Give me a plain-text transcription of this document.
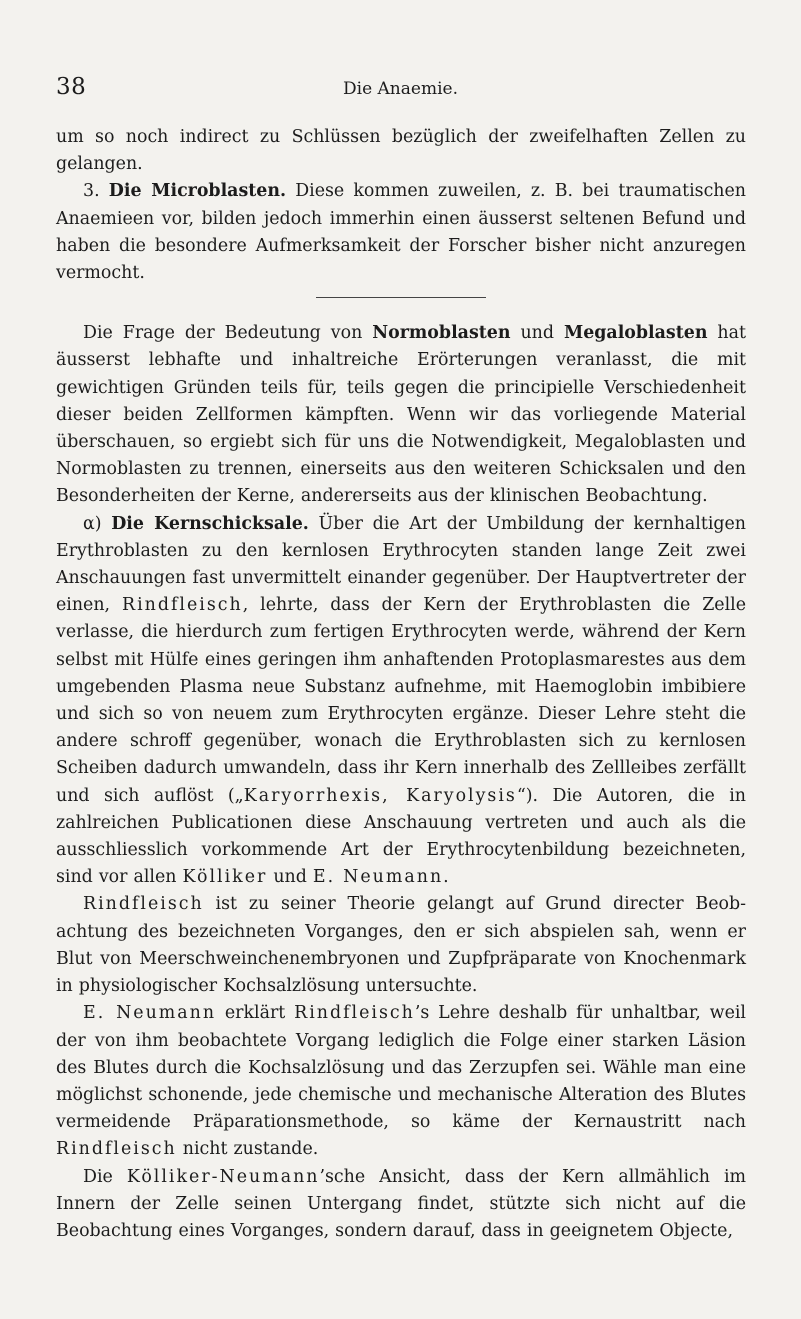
38	Die Anaemie.

um so noch indirect zu Schlüssen bezüglich der zweifelhaften Zellen zu gelangen.

3. Die Microblasten. Diese kommen zuweilen, z. B. bei traumatischen Anaemieen vor, bilden jedoch immerhin einen äusserst seltenen Befund und haben die besondere Aufmerksamkeit der Forscher bisher nicht anzuregen vermocht.

Die Frage der Bedeutung von Normoblasten und Megaloblasten hat äusserst lebhafte und inhaltreiche Erörterungen veranlasst, die mit gewichtigen Gründen teils für, teils gegen die principielle Verschiedenheit dieser beiden Zellformen kämpften. Wenn wir das vorliegende Material überschauen, so ergiebt sich für uns die Notwendigkeit, Megaloblasten und Normoblasten zu trennen, einerseits aus den weiteren Schicksalen und den Besonderheiten der Kerne, andererseits aus der klinischen Beobachtung.

α) Die Kernschicksale. Über die Art der Umbildung der kernhaltigen Erythroblasten zu den kernlosen Erythrocyten standen lange Zeit zwei Anschauungen fast unvermittelt einander gegenüber. Der Hauptvertreter der einen, Rindfleisch, lehrte, dass der Kern der Erythroblasten die Zelle verlasse, die hierdurch zum fertigen Erythrocyten werde, während der Kern selbst mit Hülfe eines geringen ihm anhaftenden Protoplasmarestes aus dem umgebenden Plasma neue Substanz aufnehme, mit Haemoglobin imbibiere und sich so von neuem zum Erythrocyten ergänze. Dieser Lehre steht die andere schroff gegenüber, wonach die Erythroblasten sich zu kernlosen Scheiben dadurch umwandeln, dass ihr Kern innerhalb des Zellleibes zerfällt und sich auflöst („Karyorrhexis, Karyolysis“). Die Autoren, die in zahlreichen Publicationen diese Anschauung vertreten und auch als die ausschliesslich vorkommende Art der Erythrocytenbildung bezeichneten, sind vor allen Kölliker und E. Neumann.

Rindfleisch ist zu seiner Theorie gelangt auf Grund directer Beobachtung des bezeichneten Vorganges, den er sich abspielen sah, wenn er Blut von Meerschweinchenembryonen und Zupfpräparate von Knochenmark in physiologischer Kochsalzlösung untersuchte.

E. Neumann erklärt Rindfleisch’s Lehre deshalb für unhaltbar, weil der von ihm beobachtete Vorgang lediglich die Folge einer starken Läsion des Blutes durch die Kochsalzlösung und das Zerzupfen sei. Wähle man eine möglichst schonende, jede chemische und mechanische Alteration des Blutes vermeidende Präparationsmethode, so käme der Kernaustritt nach Rindfleisch nicht zustande.

Die Kölliker-Neumann’sche Ansicht, dass der Kern allmählich im Innern der Zelle seinen Untergang findet, stützte sich nicht auf die Beobachtung eines Vorganges, sondern darauf, dass in geeignetem Objecte,
